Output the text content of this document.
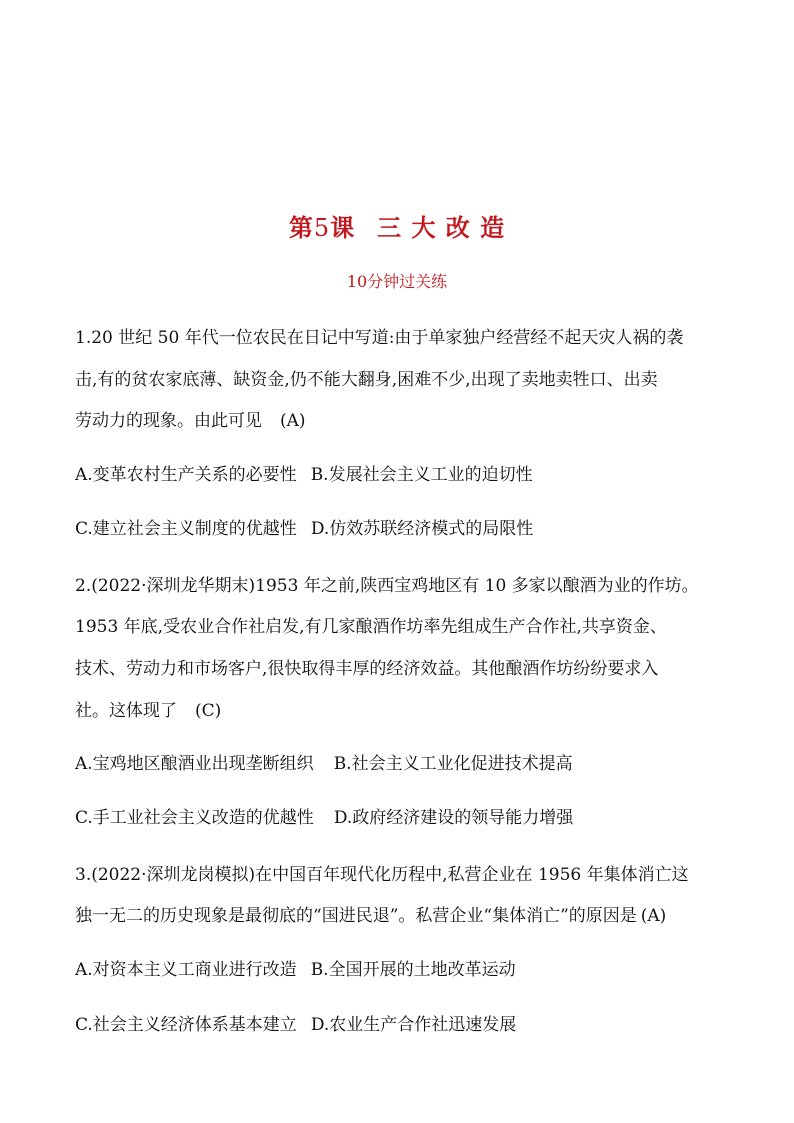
第5课 三 大 改 造
10分钟过关练
1.20 世纪 50 年代一位农民在日记中写道:由于单家独户经营经不起天灾人祸的袭
击,有的贫农家底薄、缺资金,仍不能大翻身,困难不少,出现了卖地卖牲口、出卖
劳动力的现象。由此可见 (A)
A.变革农村生产关系的必要性 B.发展社会主义工业的迫切性
C.建立社会主义制度的优越性 D.仿效苏联经济模式的局限性
2.(2022·深圳龙华期末)1953 年之前,陕西宝鸡地区有 10 多家以酿酒为业的作坊。
1953 年底,受农业合作社启发,有几家酿酒作坊率先组成生产合作社,共享资金、
技术、劳动力和市场客户,很快取得丰厚的经济效益。其他酿酒作坊纷纷要求入
社。这体现了 (C)
A.宝鸡地区酿酒业出现垄断组织 B.社会主义工业化促进技术提高
C.手工业社会主义改造的优越性 D.政府经济建设的领导能力增强
3.(2022·深圳龙岗模拟)在中国百年现代化历程中,私营企业在 1956 年集体消亡这
独一无二的历史现象是最彻底的“国进民退”。私营企业“集体消亡”的原因是 (A)
A.对资本主义工商业进行改造 B.全国开展的土地改革运动
C.社会主义经济体系基本建立 D.农业生产合作社迅速发展
